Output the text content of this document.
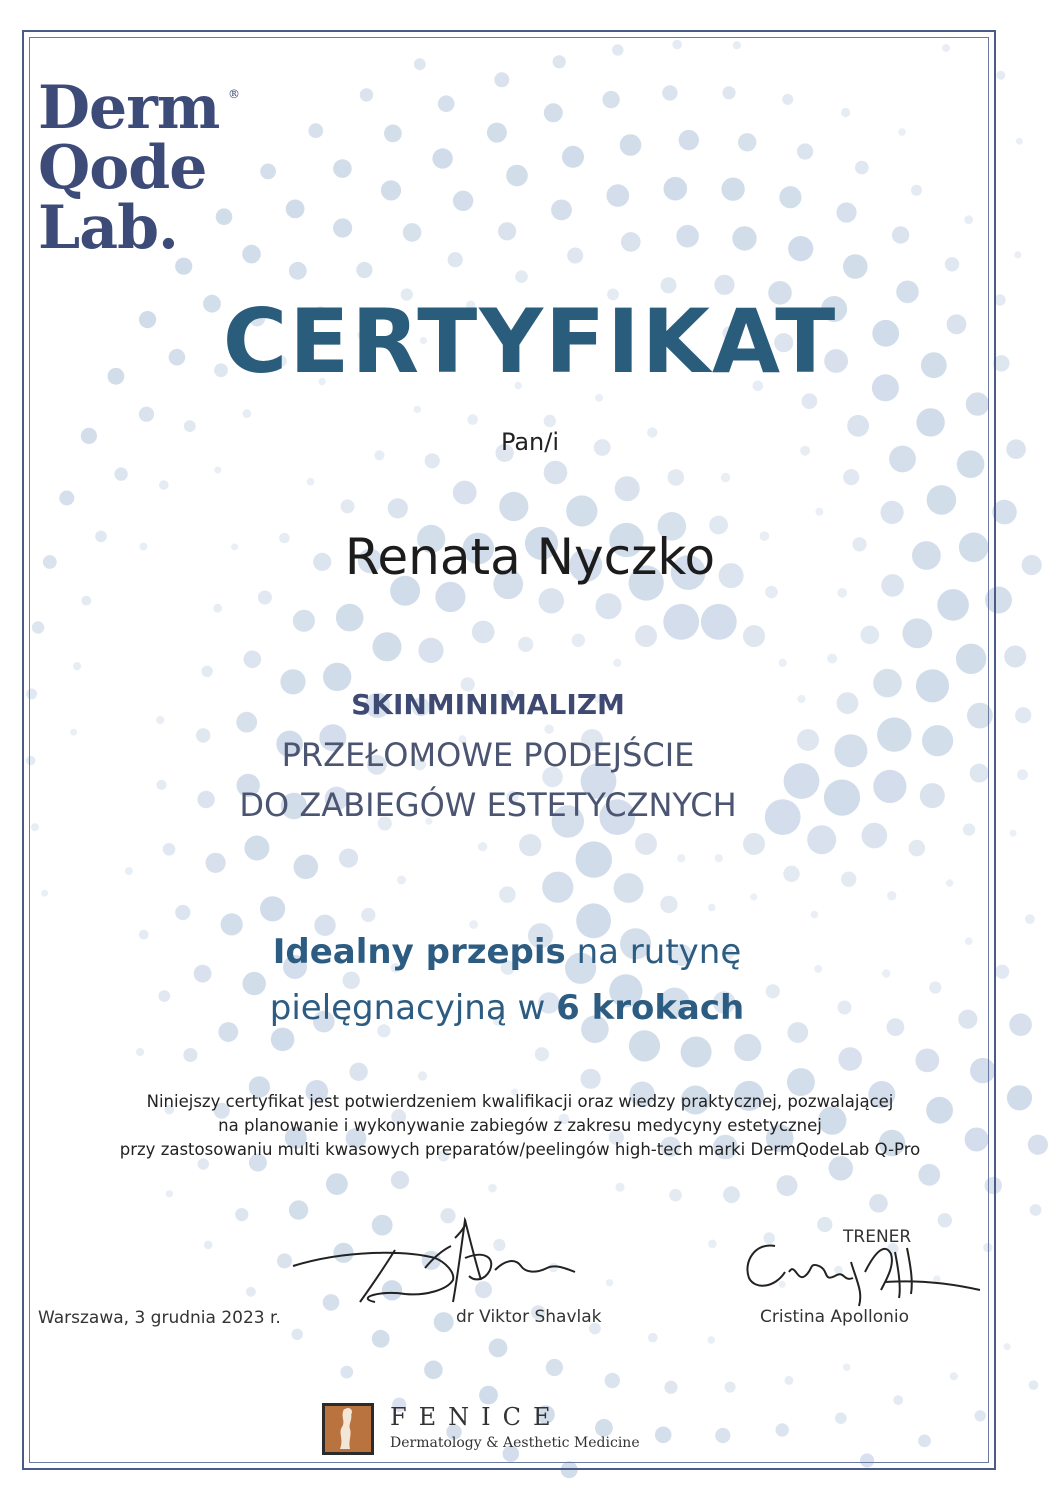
Derm
Qode
Lab.
®
CERTYFIKAT
Pan/i
Renata Nyczko
SKINMINIMALIZM
PRZEŁOMOWE PODEJŚCIE
DO ZABIEGÓW ESTETYCZNYCH
Idealny przepis na rutynę
pielęgnacyjną w 6 krokach
Niniejszy certyfikat jest potwierdzeniem kwalifikacji oraz wiedzy praktycznej, pozwalającej
na planowanie i wykonywanie zabiegów z zakresu medycyny estetycznej
przy zastosowaniu multi kwasowych preparatów/peelingów high-tech marki DermQodeLab Q-Pro
Warszawa, 3 grudnia 2023 r.	dr Viktor Shavlak
TRENER
Cristina Apollonio
FENICE
Dermatology & Aesthetic Medicine
